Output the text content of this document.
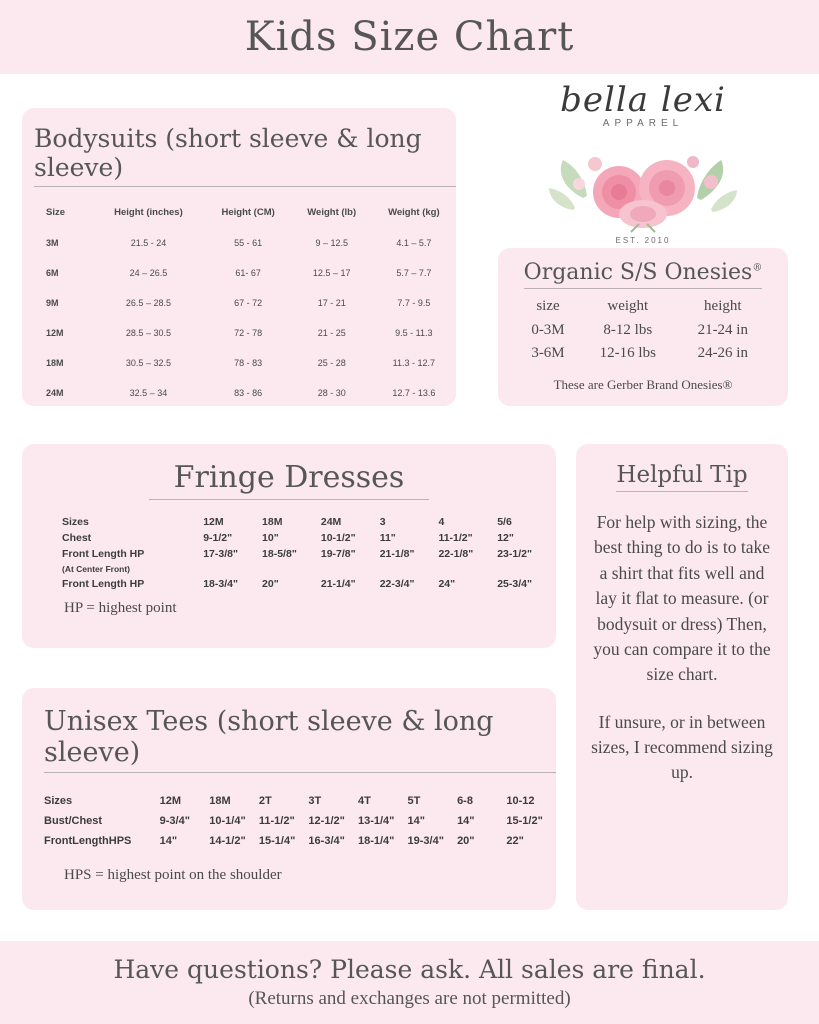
Kids Size Chart
Bodysuits (short sleeve & long sleeve)
Size	Height (inches)	Height (CM)	Weight (lb)	Weight (kg)
3M	21.5 - 24	55 - 61	9 – 12.5	4.1 – 5.7
6M	24 – 26.5	61- 67	12.5 – 17	5.7 – 7.7
9M	26.5 – 28.5	67 - 72	17 - 21	7.7 - 9.5
12M	28.5 – 30.5	72 - 78	21 - 25	9.5 - 11.3
18M	30.5 – 32.5	78 - 83	25 - 28	11.3 - 12.7
24M	32.5 – 34	83 - 86	28 - 30	12.7 - 13.6
bella lexi
APPAREL
EST. 2010
Organic S/S Onesies®
size	weight	height
0-3M	8-12 lbs	21-24 in
3-6M	12-16 lbs	24-26 in
These are Gerber Brand Onesies®
Fringe Dresses
Sizes	12M	18M	24M	3	4	5/6
Chest	9-1/2"	10"	10-1/2"	11"	11-1/2"	12"
Front Length HP	17-3/8"	18-5/8"	19-7/8"	21-1/8"	22-1/8"	23-1/2"
(At Center Front)						
Front Length HP	18-3/4"	20"	21-1/4"	22-3/4"	24"	25-3/4"
HP = highest point
Unisex Tees (short sleeve & long sleeve)
Sizes	12M	18M	2T	3T	4T	5T	6-8	10-12
Bust/Chest	9-3/4"	10-1/4"	11-1/2"	12-1/2"	13-1/4"	14"	14"	15-1/2"
FrontLengthHPS	14"	14-1/2"	15-1/4"	16-3/4"	18-1/4"	19-3/4"	20"	22"
HPS = highest point on the shoulder
Helpful Tip

For help with sizing, the best thing to do is to take a shirt that fits well and lay it flat to measure. (or bodysuit or dress) Then, you can compare it to the size chart.

If unsure, or in between sizes, I recommend sizing up.

Have questions? Please ask. All sales are final.
(Returns and exchanges are not permitted)
